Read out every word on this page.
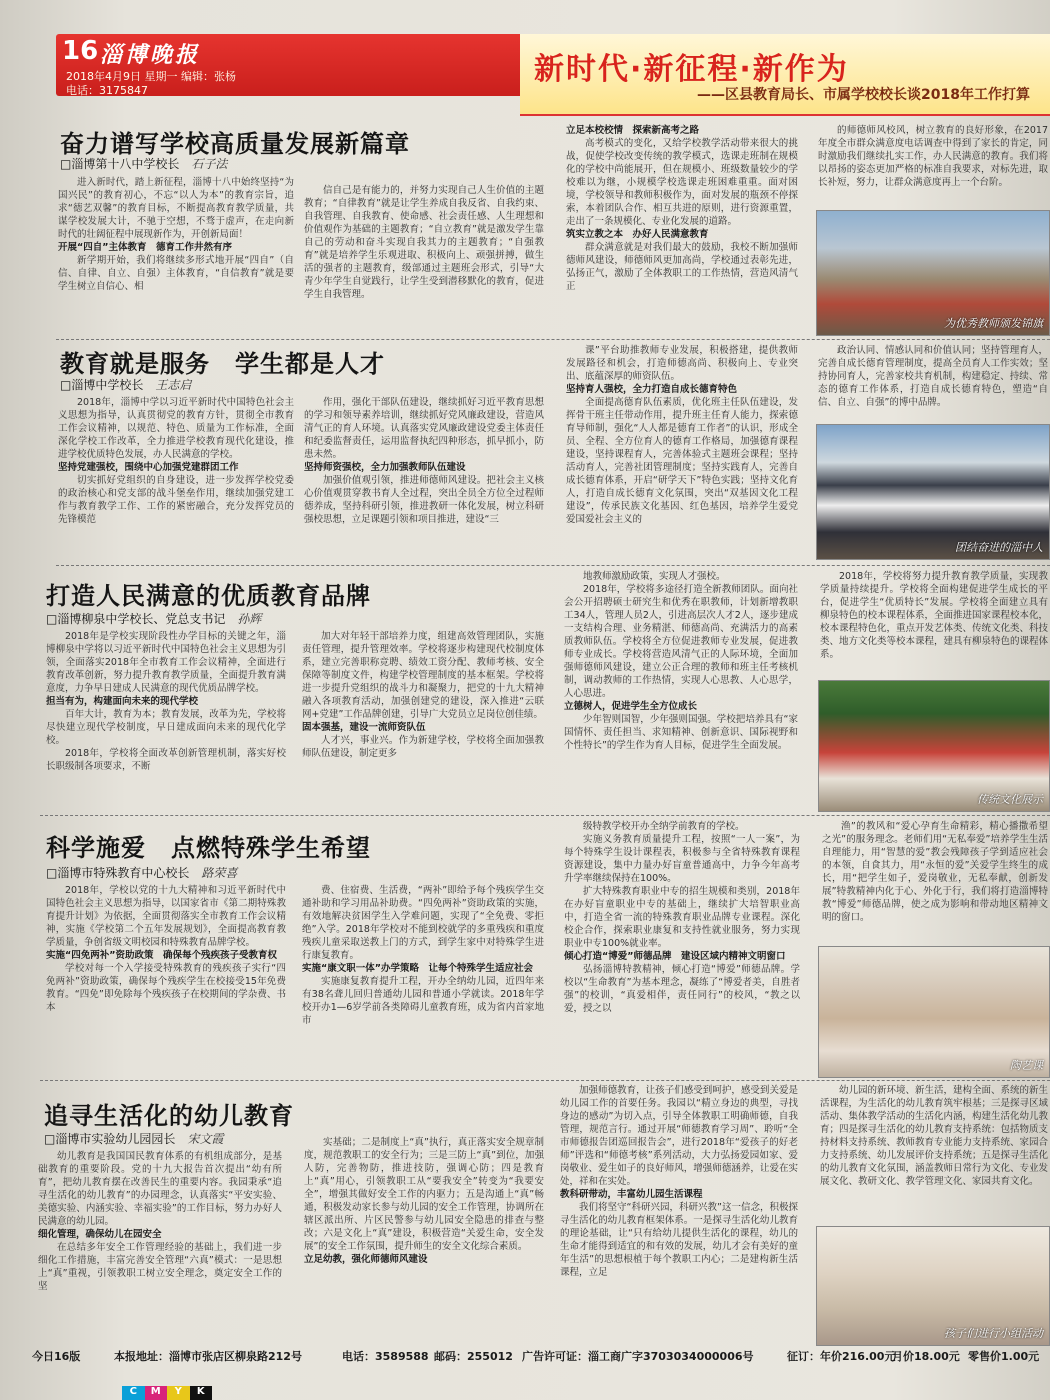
16 淄博晚报
2018年4月9日 星期一 编辑：张杨
电话：3175847
新时代·新征程·新作为
——区县教育局长、市属学校校长谈2018年工作打算
奋力谱写学校高质量发展新篇章
□淄博第十八中学校长 石子法

进入新时代，踏上新征程，淄博十八中始终坚持“为国兴民”的教育初心，不忘“以人为本”的教育宗旨，追求“德艺双馨”的教育目标，不断提高教育教学质量，共谋学校发展大计，不驰于空想，不骛于虚声，在走向新时代的壮阔征程中展现新作为，开创新局面！

开展“四自”主体教育　德育工作井然有序

新学期开始，我们将继续多形式地开展“四自”（自信、自律、自立、自强）主体教育，“自信教育”就是要学生树立自信心、相

信自己是有能力的，并努力实现自己人生价值的主题教育；“自律教育”就是让学生养成自我反省、自我约束、自我管理、自我教育、使命感、社会责任感、人生理想和价值观作为基础的主题教育；“自立教育”就是激发学生靠自己的劳动和奋斗实现自我其力的主题教育；“自强教育”就是培养学生乐观进取、积极向上、顽强拼搏，做生活的强者的主题教育，级部通过主题班会形式，引导“大青少年学生自觉践行，让学生受到潜移默化的教育，促进学生自我管理。

立足本校校情　探索新高考之路

高考模式的变化，又给学校教学活动带来很大的挑战，促使学校改变传统的教学模式，选课走班制在规模化的学校中尚能展开，但在规模小、班级数量较少的学校难以为继，小规模学校选课走班困难重重。面对困境，学校领导和教师积极作为，面对发展的瓶颈不停探索，本着团队合作、相互共进的原则，进行资源重置，走出了一条规模化、专业化发展的道路。

筑实立教之本　办好人民满意教育

群众满意就是对我们最大的鼓励，我校不断加强师德师风建设，师德师风更加高尚，学校通过表彰先进，弘扬正气，激励了全体教职工的工作热情，营造风清气正

的师德师风校风，树立教育的良好形象，在2017年度全市群众满意度电话调查中得到了家长的肯定，同时激励我们继续扎实工作，办人民满意的教育。我们将以昂扬的姿态更加严格的标准自我要求，对标先进，取长补短，努力，让群众满意度再上一个台阶。

为优秀教师颁发锦旗
教育就是服务　学生都是人才
□淄博中学校长 王志启

2018年，淄博中学以习近平新时代中国特色社会主义思想为指导，认真贯彻党的教育方针，贯彻全市教育工作会议精神，以规范、特色、质量为工作标准，全面深化学校工作改革，全力推进学校教育现代化建设，推进学校优质特色发展，办人民满意的学校。

坚持党建强校，围绕中心加强党建群团工作

切实抓好党组织的自身建设，进一步发挥学校党委的政治核心和党支部的战斗堡垒作用，继续加强党建工作与教育教学工作、工作的紧密融合，充分发挥党员的先锋模范

作用，强化干部队伍建设，继续抓好习近平教育思想的学习和领导素养培训，继续抓好党风廉政建设，营造风清气正的育人环境。认真落实党风廉政建设党委主体责任和纪委监督责任，运用监督执纪四种形态，抓早抓小，防患未然。

坚持师资强校，全力加强教师队伍建设

加强价值观引领，推进师德师风建设。把社会主义核心价值观贯穿教书育人全过程，突出全员全方位全过程师德养成，坚持科研引领，推进教研一体化发展，树立科研强校思想，立足课题引领和项目推进，建设“三

课”平台助推教师专业发展，积极搭建，提供教师发展路径和机会，打造师德高尚、积极向上、专业突出、底蕴深厚的师资队伍。

坚持育人强校，全力打造自成长德育特色

全面提高德育队伍素质，优化班主任队伍建设，发挥骨干班主任带动作用，提升班主任育人能力，探索德育导师制，强化“人人都是德育工作者”的认识，形成全员、全程、全方位育人的德育工作格局，加强德育课程建设，坚持课程育人，完善体验式主题班会课程；坚持活动育人，完善社团管理制度；坚持实践育人，完善自成长德育体系，开启“研学天下”特色实践；坚持文化育人，打造自成长德育文化氛围，突出“双基因文化工程建设”，传承民族文化基因、红色基因，培养学生爱党爱国爱社会主义的

政治认同、情感认同和价值认同；坚持管理育人，完善自成长德育管理制度，提高全员育人工作实效；坚持协同育人，完善家校共育机制，构建稳定、持续、常态的德育工作体系，打造自成长德育特色，塑造“自信、自立、自强”的博中品牌。

团结奋进的淄中人
打造人民满意的优质教育品牌
□淄博柳泉中学校长、党总支书记 孙辉

2018年是学校实现阶段性办学目标的关键之年，淄博柳泉中学将以习近平新时代中国特色社会主义思想为引领，全面落实2018年全市教育工作会议精神，全面进行教育改革创新，努力提升教育教学质量，全面提升教育满意度，力争早日建成人民满意的现代优质品牌学校。

担当有为，构建面向未来的现代学校

百年大计，教育为本；教育发展，改革为先，学校将尽快建立现代学校制度，早日建成面向未来的现代化学校。

2018年，学校将全面改革创新管理机制，落实好校长职级制各项要求，不断

加大对年轻干部培养力度，组建高效管理团队，实施责任管理，提升管理效率。学校将逐步构建现代校制度体系，建立完善职称竞聘、绩效工资分配、教师考核、安全保障等制度文件，构建学校管理制度的基本框架。学校将进一步提升党组织的战斗力和凝聚力，把党的十九大精神融入各项教育活动，加强创建党的建设，深入推进“云联网+党建”工作品牌创建，引导广大党员立足岗位创佳绩。

固本强基，建设一流师资队伍

人才兴，事业兴。作为新建学校，学校将全面加强教师队伍建设，制定更多

地教师激励政策，实现人才强校。

2018年，学校将多途径打造全新教师团队。面向社会公开招聘硕士研究生和优秀在职教师，计划新增教职工34人，管理人员2人，引进高层次人才2人，逐步建成一支结构合理、业务精湛、师德高尚、充满活力的高素质教师队伍。学校将全方位促进教师专业发展，促进教师专业成长。学校将营造风清气正的人际环境，全面加强师德师风建设，建立公正合理的教师和班主任考核机制，调动教师的工作热情，实现人心思教、人心思学，人心思进。

立德树人，促进学生全方位成长

少年智则国智，少年强则国强。学校把培养具有“家国情怀、责任担当、求知精神、创新意识、国际视野和个性特长”的学生作为育人目标，促进学生全面发展。

2018年，学校将努力提升教育教学质量，实现教学质量持续提升。学校将全面构建促进学生成长的平台，促进学生“优质特长”发展。学校将全面建立具有柳泉特色的校本课程体系，全面推进国家课程校本化，校本课程特色化，重点开发艺体类、传统文化类、科技类、地方文化类等校本课程，建具有柳泉特色的课程体系。

传统文化展示
科学施爱　点燃特殊学生希望
□淄博市特殊教育中心校长 路荣喜

2018年，学校以党的十九大精神和习近平新时代中国特色社会主义思想为指导，以国家省市《第二期特殊教育提升计划》为依据，全面贯彻落实全市教育工作会议精神，实施《学校第二个五年发展规划》，全面提高教育教学质量，争创省级文明校园和特殊教育品牌学校。

实施“四免两补”资助政策　确保每个残疾孩子受教育权

学校对每一个入学接受特殊教育的残疾孩子实行“四免两补”资助政策，确保每个残疾学生在校接受15年免费教育。“四免”即免除每个残疾孩子在校期间的学杂费、书本

费、住宿费、生活费，“两补”即给予每个残疾学生交通补助和学习用品补助费。“四免两补”资助政策的实施，有效地解决贫困学生入学难问题，实现了“全免费、零拒绝”入学。2018年学校对不能到校就学的多重残疾和重度残疾儿童采取送教上门的方式，到学生家中对特殊学生进行康复教育。

实施“康文职一体”办学策略　让每个特殊学生适应社会

实施康复教育提升工程，开办全纳幼儿园，近四年来有38名聋儿回归普通幼儿园和普通小学就读。2018年学校开办1—6岁学前各类障碍儿童教育班，成为省内首家地市

级特教学校开办全纳学前教育的学校。

实施义务教育质量提升工程，按照“一人一案”，为每个特殊学生设计课程表，积极参与全省特殊教育课程资源建设，集中力量办好盲童普通高中，力争今年高考升学率继续保持在100%。

扩大特殊教育职业中专的招生规模和类别，2018年在办好盲童职业中专的基础上，继续扩大培智职业高中，打造全省一流的特殊教育职业品牌专业课程。深化校企合作，探索职业康复和支持性就业服务，努力实现职业中专100%就业率。

倾心打造“博爱”师德品牌　建设区域内精神文明窗口

弘扬淄博特教精神，倾心打造“博爱”师德品牌。学校以“生命教育”为基本理念，凝练了“博爱者美，自胜者强”的校训，“真爱相伴，责任同行”的校风，“教之以爱，授之以

渔”的教风和“爱心孕育生命精彩，精心播撒希望之光”的服务理念。老师们用“无私奉爱”培养学生生活自理能力，用“智慧的爱”教会残障孩子学到适应社会的本领，自食其力，用“永恒的爱”关爱学生终生的成长，用“把学生如子，爱岗敬业，无私奉献，创新发展”特教精神内化于心、外化于行，我们将打造淄博特教“博爱”师德品牌，使之成为影响和带动地区精神文明的窗口。

陶艺课
追寻生活化的幼儿教育
□淄博市实验幼儿园园长 宋文霞

幼儿教育是我国国民教育体系的有机组成部分，是基础教育的重要阶段。党的十九大报告首次提出“幼有所育”，把幼儿教育摆在改善民生的重要内容。我园秉承“追寻生活化的幼儿教育”的办园理念，认真落实“平安实验、美德实验、内涵实验、幸福实验”的工作目标，努力办好人民满意的幼儿园。

细化管理，确保幼儿在园安全

在总结多年安全工作管理经验的基础上，我们进一步细化工作措施，丰富完善安全管理“六真”模式：一是思想上“真”重视，引领教职工树立安全理念，奠定安全工作的坚

实基础；二是制度上“真”执行，真正落实安全规章制度，规范教职工的安全行为；三是三防上“真”到位，加强人防，完善物防，推进技防，强调心防；四是教育上“真”用心，引领教职工从“要我安全”转变为“我要安全”，增强其做好安全工作的内驱力；五是沟通上“真”畅通，积极发动家长参与幼儿园的安全工作管理，协调所在辖区派出所、片区民警参与幼儿园安全隐患的排查与整改；六是文化上“真”建设，积极营造“关爱生命，安全发展”的安全工作氛围，提升师生的安全文化综合素质。

立足幼教，强化师德师风建设

加强师德教育，让孩子们感受到呵护，感受到关爱是幼儿园工作的首要任务。我园以“精立身边的典型，寻找身边的感动”为切入点，引导全体教职工明确师德，自我管理，规范言行。通过开展“师德教育学习周”、聆听“全市师德报告团巡回报告会”，进行2018年“爱孩子的好老师”评选和“师德考核”系列活动，大力弘扬爱园如家、爱岗敬业、爱生如子的良好师风，增强师德涵养，让爱在实处，祥和在实处。

教科研带动，丰富幼儿园生活课程

我们将坚守“科研兴园，科研兴教”这一信念，积极探寻生活化的幼儿教育框架体系。一是探寻生活化幼儿教育的理论基础，让“只有给幼儿提供生活化的课程，幼儿的生命才能得到适宜的和有效的发展，幼儿才会有美好的童年生活”的思想根植于每个教职工内心；二是建构新生活课程，立足

幼儿园的新环境、新生活，建构全面、系统的新生活课程，为生活化的幼儿教育筑牢根基；三是探寻区域活动、集体教学活动的生活化内涵，构建生活化幼儿教育；四是探寻生活化的幼儿教育支持系统：包括物质支持材料支持系统、教师教育专业能力支持系统、家园合力支持系统、幼儿发展评价支持系统；五是探寻生活化的幼儿教育文化氛围，涵盖教师日常行为文化、专业发展文化、教研文化、教学管理文化、家园共育文化。

孩子们进行小组活动
今日16版	本报地址：淄博市张店区柳泉路212号	电话：3589588 邮码：255012 广告许可证：淄工商广字3703034000006号	征订：年价216.00元
月价18.00元 零售价1.00元
C	M	Y	K
